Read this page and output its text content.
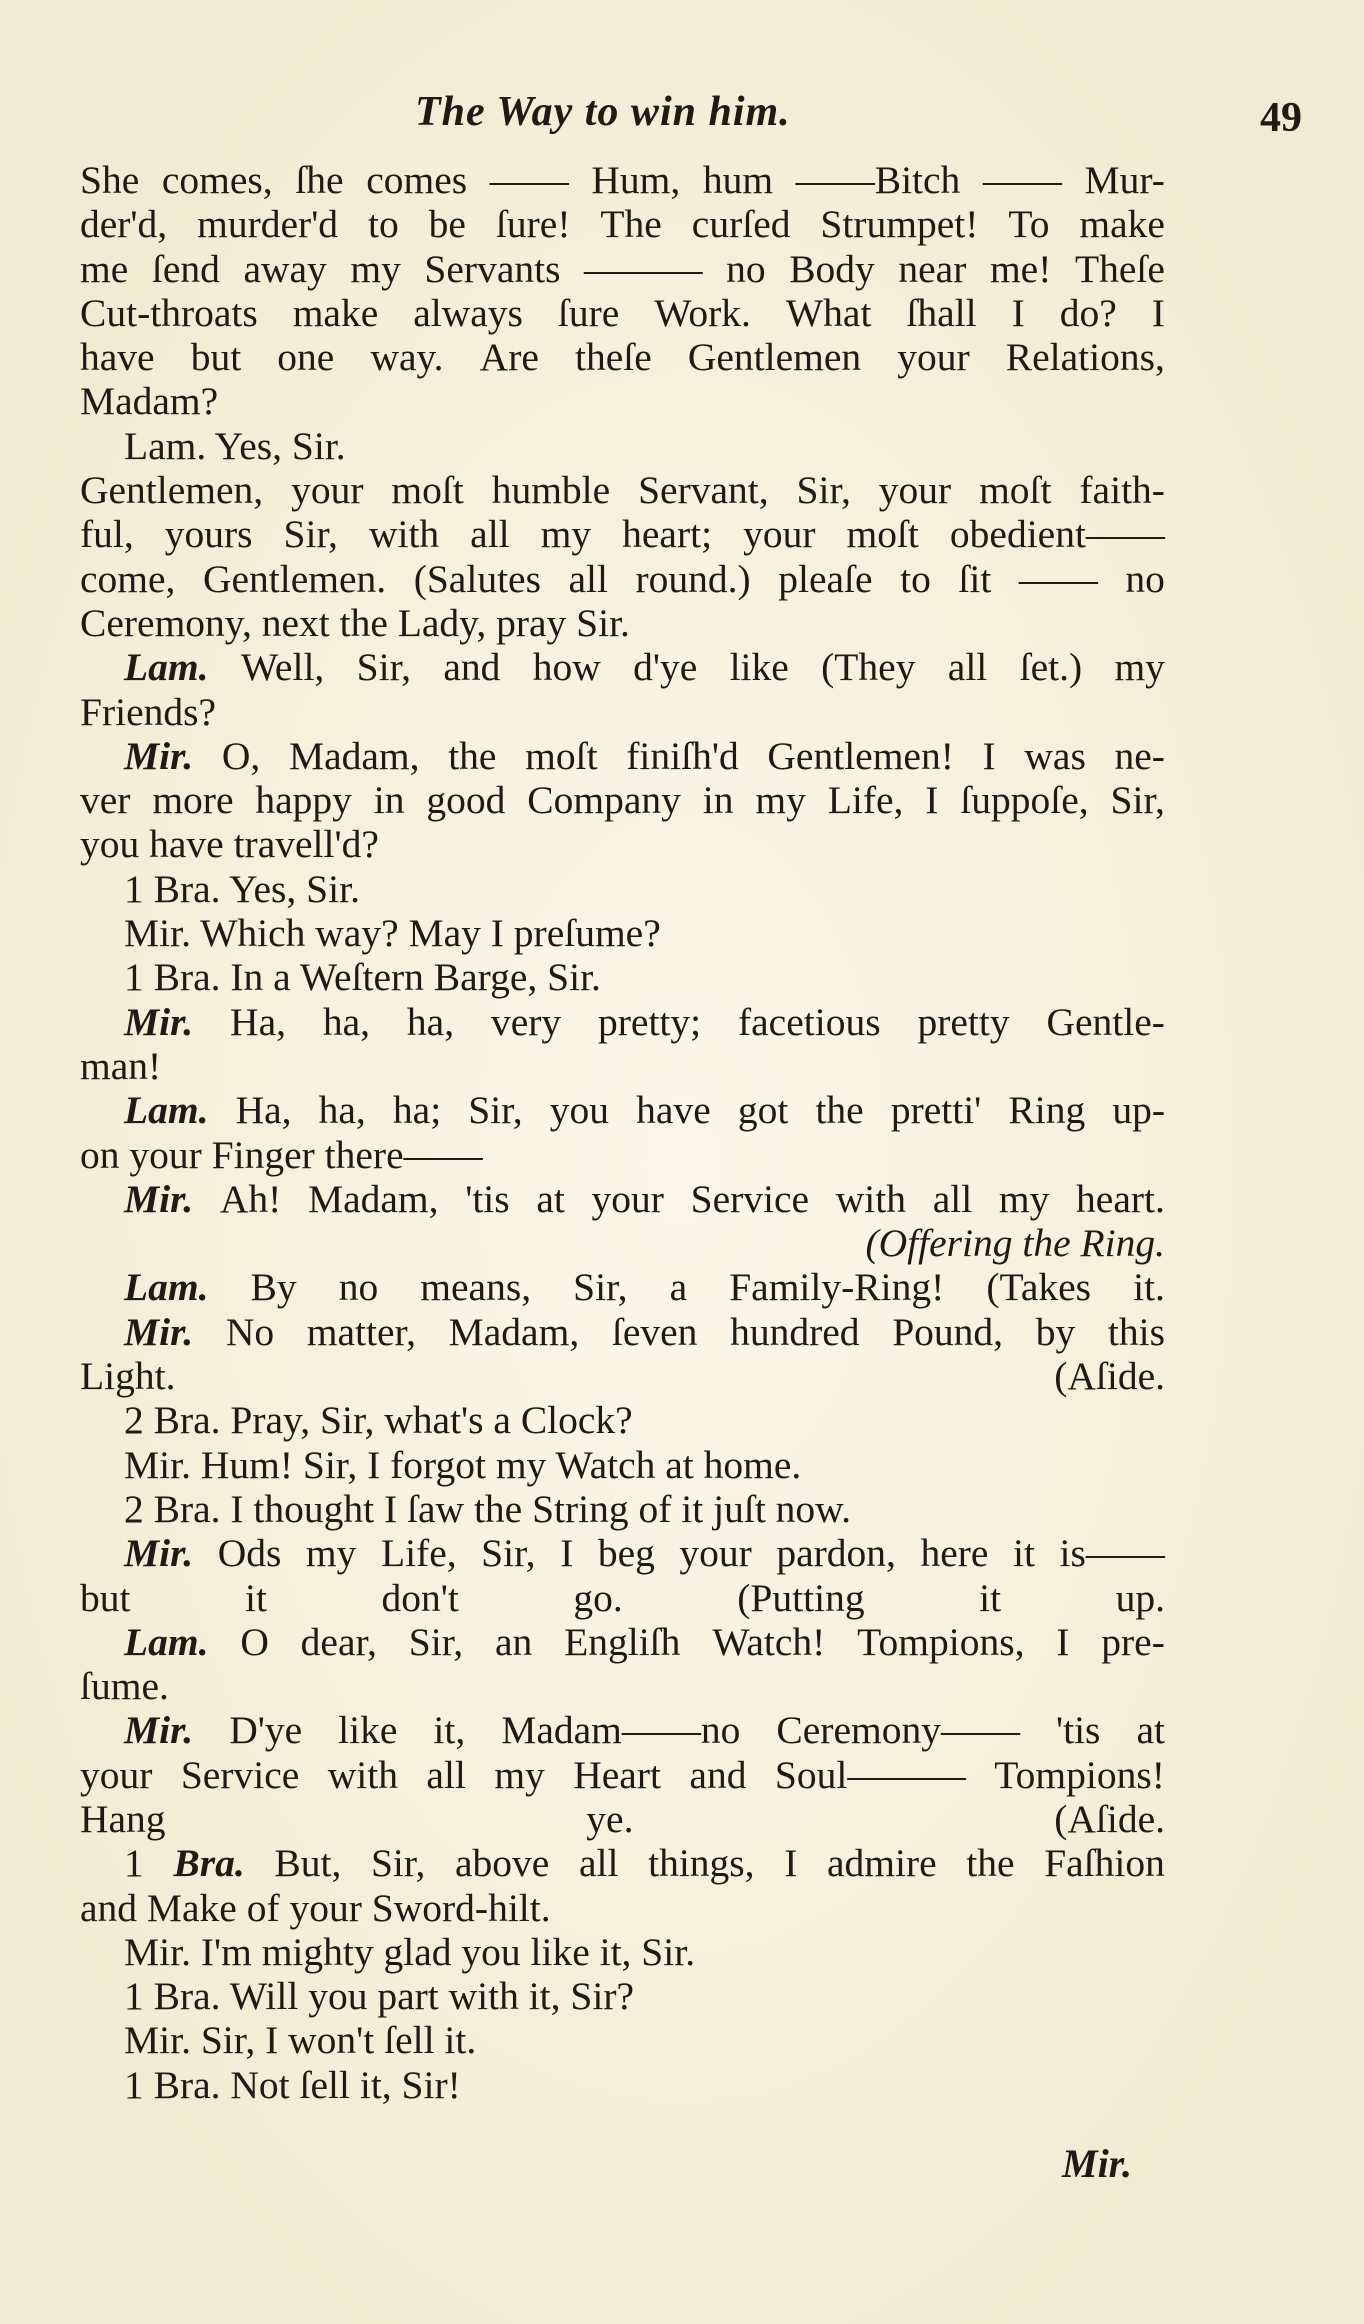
The Way to win him.	49
She comes, ſhe comes —— Hum, hum ——Bitch —— Mur-
der'd, murder'd to be ſure! The curſed Strumpet! To make
me ſend away my Servants ——— no Body near me! Theſe
Cut-throats make always ſure Work. What ſhall I do? I
have but one way. Are theſe Gentlemen your Relations,
Madam?
Lam. Yes, Sir.
Gentlemen, your moſt humble Servant, Sir, your moſt faith-
ful, yours Sir, with all my heart; your moſt obedient——
come, Gentlemen. (Salutes all round.) pleaſe to ſit —— no
Ceremony, next the Lady, pray Sir.
Lam. Well, Sir, and how d'ye like (They all ſet.) my
Friends?
Mir. O, Madam, the moſt finiſh'd Gentlemen! I was ne-
ver more happy in good Company in my Life, I ſuppoſe, Sir,
you have travell'd?
1 Bra. Yes, Sir.
Mir. Which way? May I preſume?
1 Bra. In a Weſtern Barge, Sir.
Mir. Ha, ha, ha, very pretty; facetious pretty Gentle-
man!
Lam. Ha, ha, ha; Sir, you have got the pretti' Ring up-
on your Finger there——
Mir. Ah! Madam, 'tis at your Service with all my heart.
(Offering the Ring.
Lam. By no means, Sir, a Family-Ring! (Takes it.
Mir. No matter, Madam, ſeven hundred Pound, by this
Light.	(Aſide.
2 Bra. Pray, Sir, what's a Clock?
Mir. Hum! Sir, I forgot my Watch at home.
2 Bra. I thought I ſaw the String of it juſt now.
Mir. Ods my Life, Sir, I beg your pardon, here it is——
but	it	don't	go.	(Putting	it	up.
Lam. O dear, Sir, an Engliſh Watch! Tompions, I pre-
ſume.
Mir. D'ye like it, Madam——no Ceremony—— 'tis at
your Service with all my Heart and Soul——— Tompions!
Hang	ye.	(Aſide.
1 Bra. But, Sir, above all things, I admire the Faſhion
and Make of your Sword-hilt.
Mir. I'm mighty glad you like it, Sir.
1 Bra. Will you part with it, Sir?
Mir. Sir, I won't ſell it.
1 Bra. Not ſell it, Sir!
Mir.
